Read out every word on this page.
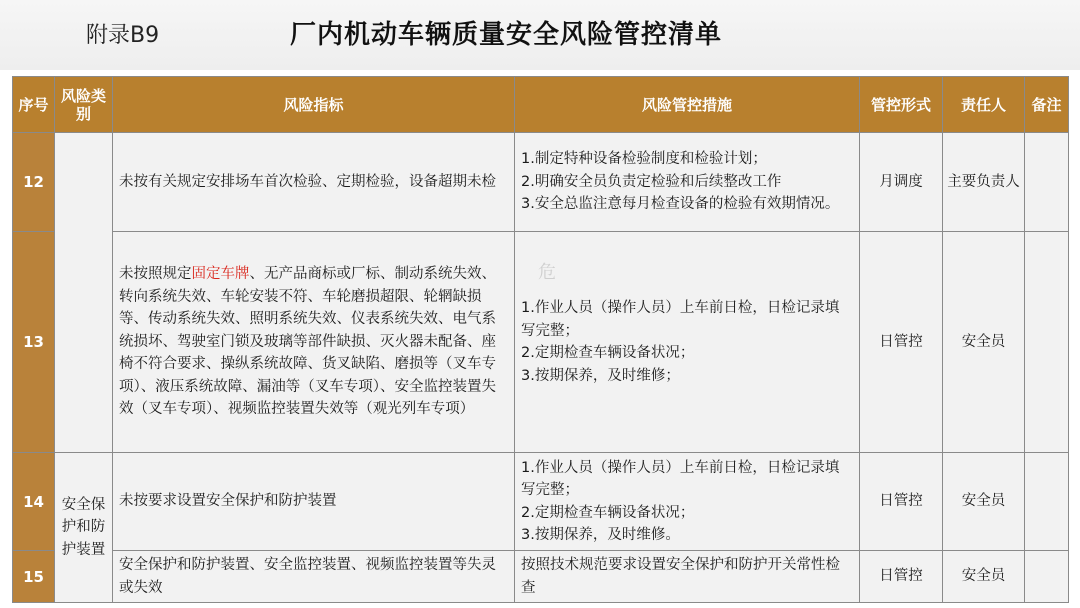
附录B9	厂内机动车辆质量安全风险管控清单
序号	风险类别	风险指标	风险管控措施	管控形式	责任人	备注
12		未按有关规定安排场车首次检验、定期检验，设备超期未检	1.制定特种设备检验制度和检验计划；
2.明确安全员负责定检验和后续整改工作
3.安全总监注意每月检查设备的检验有效期情况。	月调度	主要负责人	
13		未按照规定固定车牌、无产品商标或厂标、制动系统失效、转向系统失效、车轮安装不符、车轮磨损超限、轮辋缺损等、传动系统失效、照明系统失效、仪表系统失效、电气系统损坏、驾驶室门锁及玻璃等部件缺损、灭火器未配备、座椅不符合要求、操纵系统故障、货叉缺陷、磨损等（叉车专项）、液压系统故障、漏油等（叉车专项）、安全监控装置失效（叉车专项）、视频监控装置失效等（观光列车专项）	1.作业人员（操作人员）上车前日检，日检记录填写完整；
2.定期检查车辆设备状况；
3.按期保养，及时维修；	日管控	安全员	
14	安全保护和防护装置	未按要求设置安全保护和防护装置	1.作业人员（操作人员）上车前日检，日检记录填写完整；
2.定期检查车辆设备状况；
3.按期保养，及时维修。	日管控	安全员	
15		安全保护和防护装置、安全监控装置、视频监控装置等失灵或失效	按照技术规范要求设置安全保护和防护开关常性检查	日管控	安全员	
危
